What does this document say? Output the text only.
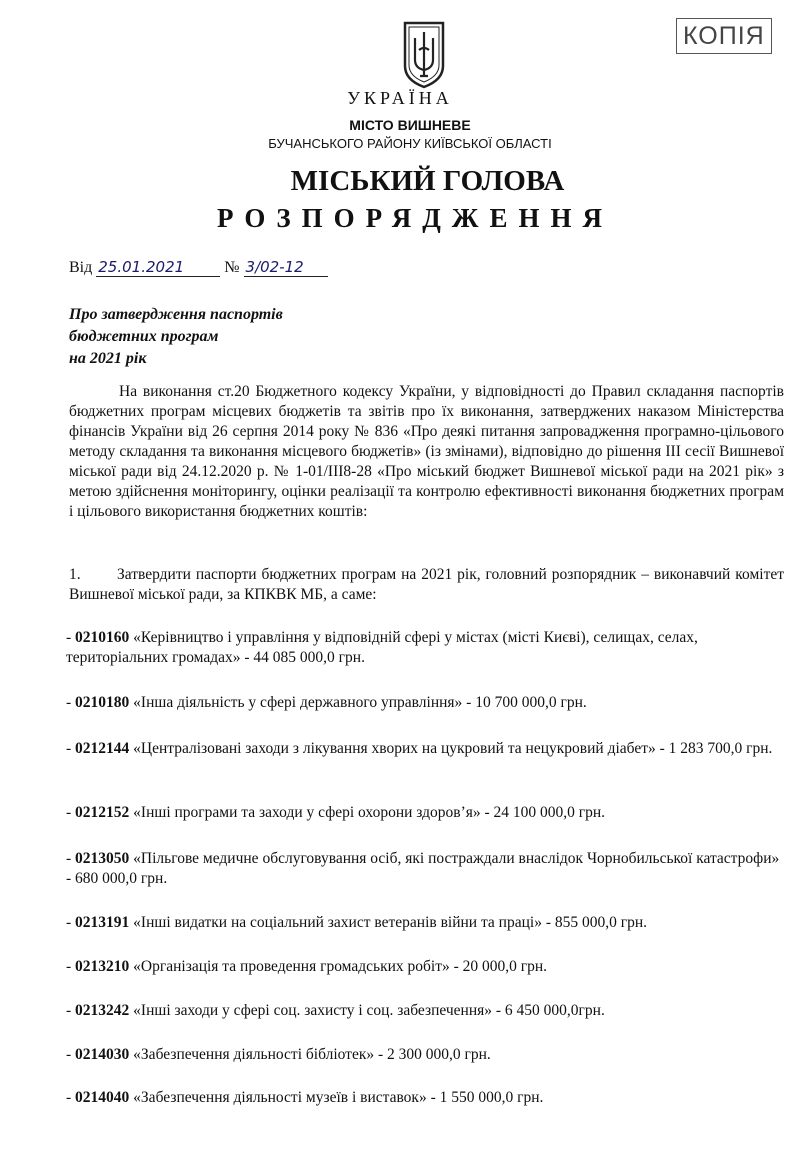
КОПІЯ
УКРАЇНА
МІСТО ВИШНЕВЕ
БУЧАНСЬКОГО РАЙОНУ КИЇВСЬКОЇ ОБЛАСТІ
МІСЬКИЙ ГОЛОВА
РОЗПОРЯДЖЕННЯ
Від 25.01.2021	№ 3/02-12
Про затвердження паспортів
бюджетних програм
на 2021 рік
На виконання ст.20 Бюджетного кодексу України, у відповідності до Правил складання паспортів бюджетних програм місцевих бюджетів та звітів про їх виконання, затверджених наказом Міністерства фінансів України від 26 серпня 2014 року № 836 «Про деякі питання запровадження програмно-цільового методу складання та виконання місцевого бюджетів» (із змінами), відповідно до рішення ІІІ сесії Вишневої міської ради від 24.12.2020 р. № 1-01/ІІІ8-28 «Про міський бюджет Вишневої міської ради на 2021 рік» з метою здійснення моніторингу, оцінки реалізації та контролю ефективності виконання бюджетних програм і цільового використання бюджетних коштів:
1. Затвердити паспорти бюджетних програм на 2021 рік, головний розпорядник – виконавчий комітет Вишневої міської ради, за КПКВК МБ, а саме:
- 0210160 «Керівництво і управління у відповідній сфері у містах (місті Києві), селищах, селах, територіальних громадах» - 44 085 000,0 грн.
- 0210180 «Інша діяльність у сфері державного управління» - 10 700 000,0 грн.
- 0212144 «Централізовані заходи з лікування хворих на цукровий та нецукровий діабет» - 1 283 700,0 грн.
- 0212152 «Інші програми та заходи у сфері охорони здоров’я» - 24 100 000,0 грн.
- 0213050 «Пільгове медичне обслуговування осіб, які постраждали внаслідок Чорнобильської катастрофи» - 680 000,0 грн.
- 0213191 «Інші видатки на соціальний захист ветеранів війни та праці» - 855 000,0 грн.
- 0213210 «Організація та проведення громадських робіт» - 20 000,0 грн.
- 0213242 «Інші заходи у сфері соц. захисту і соц. забезпечення» - 6 450 000,0грн.
- 0214030 «Забезпечення діяльності бібліотек» - 2 300 000,0 грн.
- 0214040 «Забезпечення діяльності музеїв і виставок» - 1 550 000,0 грн.
